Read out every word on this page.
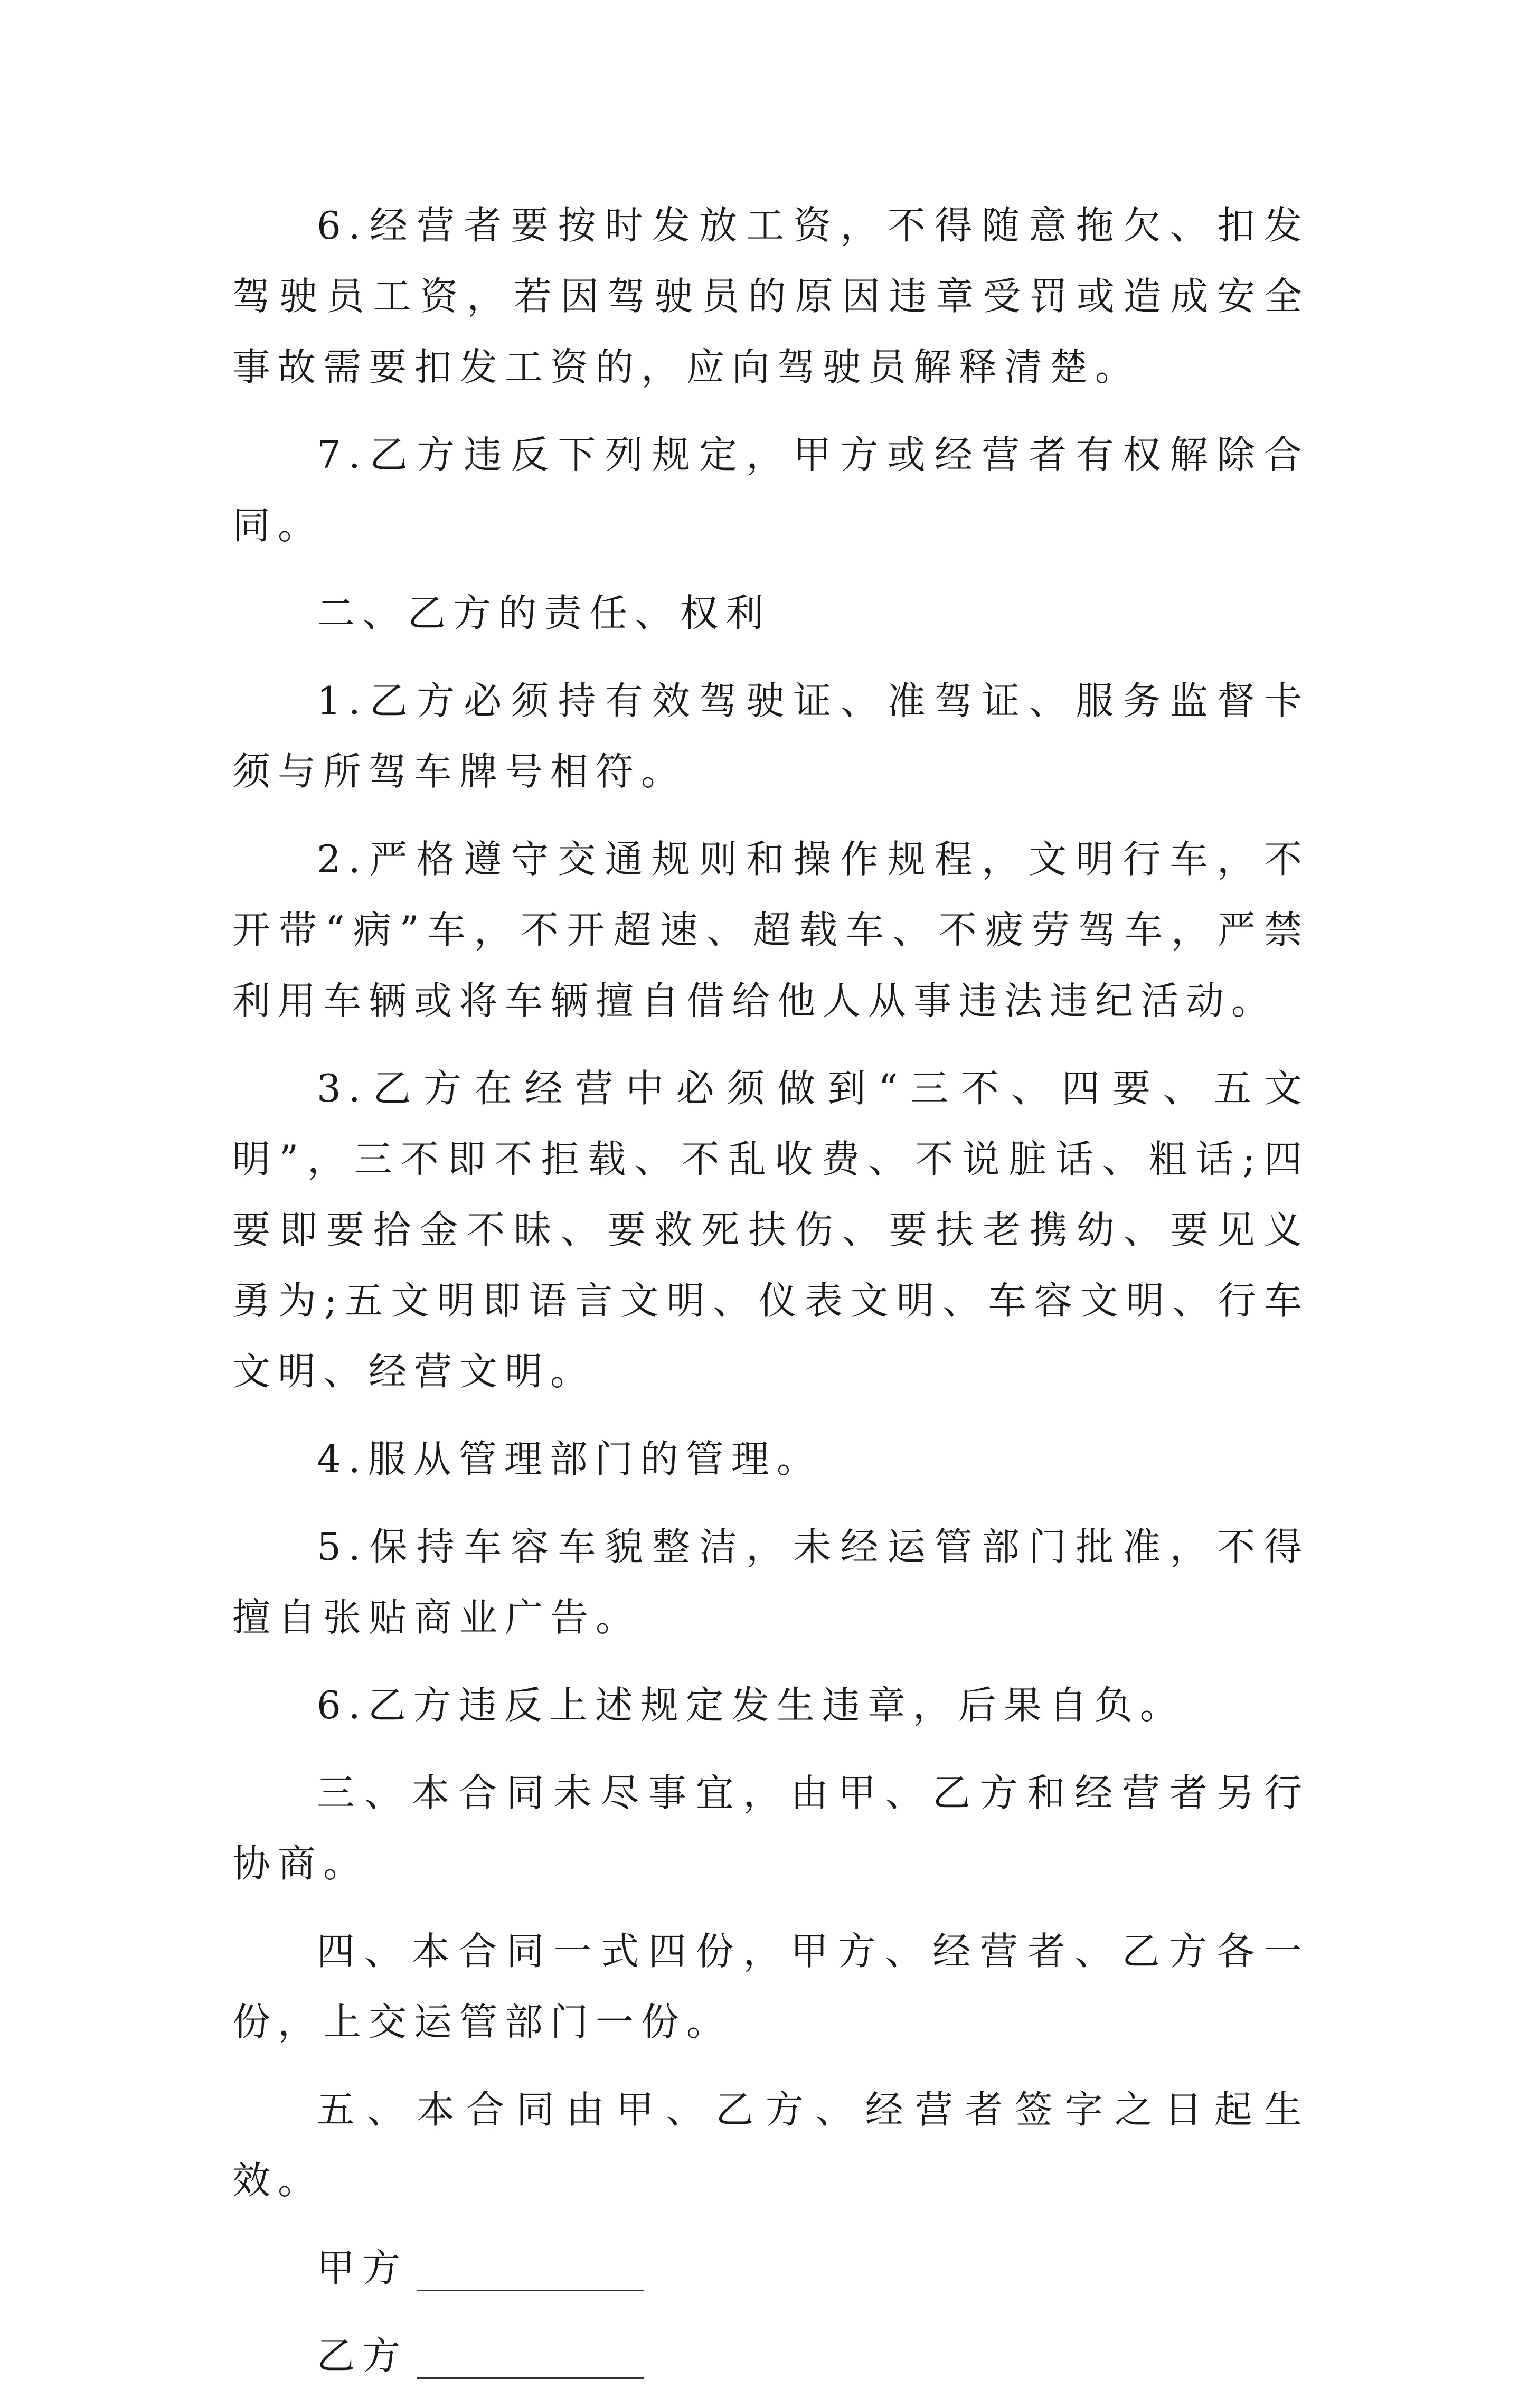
6.经营者要按时发放工资，不得随意拖欠、扣发驾驶员工资，若因驾驶员的原因违章受罚或造成安全事故需要扣发工资的，应向驾驶员解释清楚。

7.乙方违反下列规定，甲方或经营者有权解除合同。

二、乙方的责任、权利

1.乙方必须持有效驾驶证、准驾证、服务监督卡须与所驾车牌号相符。

2.严格遵守交通规则和操作规程，文明行车，不开带“病”车，不开超速、超载车、不疲劳驾车，严禁利用车辆或将车辆擅自借给他人从事违法违纪活动。

3.乙方在经营中必须做到“三不、四要、五文明”，三不即不拒载、不乱收费、不说脏话、粗话;四要即要拾金不昧、要救死扶伤、要扶老携幼、要见义勇为;五文明即语言文明、仪表文明、车容文明、行车文明、经营文明。

4.服从管理部门的管理。

5.保持车容车貌整洁，未经运管部门批准，不得擅自张贴商业广告。

6.乙方违反上述规定发生违章，后果自负。

三、本合同未尽事宜，由甲、乙方和经营者另行协商。

四、本合同一式四份，甲方、经营者、乙方各一份，上交运管部门一份。

五、本合同由甲、乙方、经营者签字之日起生效。

甲方
乙方
